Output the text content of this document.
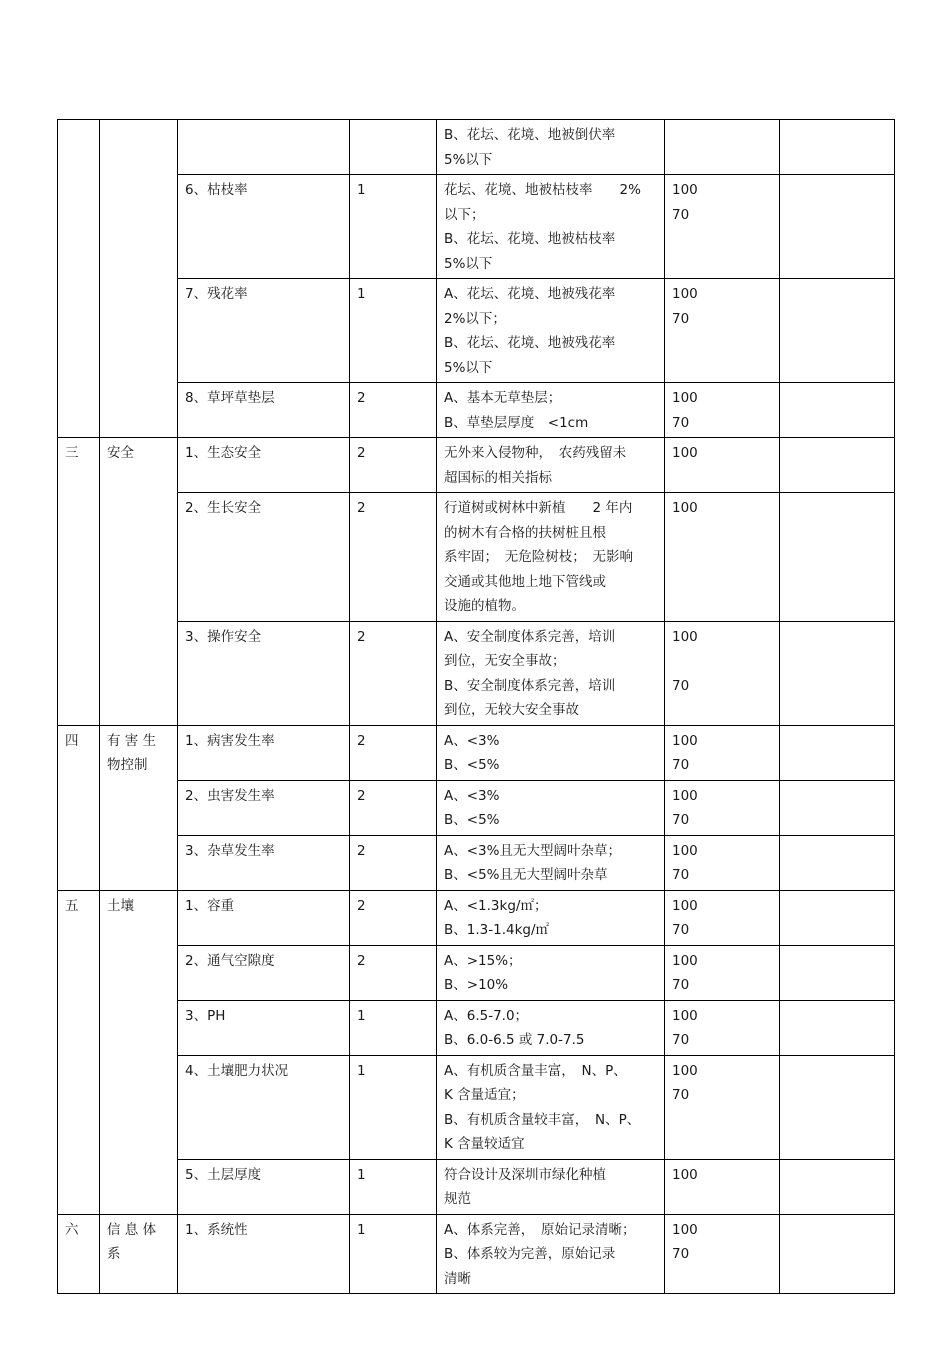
				B、花坛、花境、地被倒伏率
5%以下		

		6、枯枝率	1	花坛、花境、地被枯枝率　　2%
以下；
B、花坛、花境、地被枯枝率
5%以下	100
70	

		7、残花率	1	A、花坛、花境、地被残花率
2%以下；
B、花坛、花境、地被残花率
5%以下	100
70	

		8、草坪草垫层	2	A、基本无草垫层；
B、草垫层厚度　<1cm	100
70	

三	安全	1、生态安全	2	无外来入侵物种，　农药残留未
超国标的相关指标	100	

		2、生长安全	2	行道树或树林中新植　　2 年内
的树木有合格的扶树桩且根
系牢固；　无危险树枝；　无影响
交通或其他地上地下管线或
设施的植物。	100	

		3、操作安全	2	A、安全制度体系完善，培训
到位，无安全事故；
B、安全制度体系完善，培训
到位，无较大安全事故	100
70	

四	有 害 生
物控制	1、病害发生率	2	A、<3%
B、<5%	100
70	

		2、虫害发生率	2	A、<3%
B、<5%	100
70	

		3、杂草发生率	2	A、<3%且无大型阔叶杂草；
B、<5%且无大型阔叶杂草	100
70	

五	土壤	1、容重	2	A、<1.3kg/㎡；
B、1.3-1.4kg/㎡	100
70	

		2、通气空隙度	2	A、>15%；
B、>10%	100
70	

		3、PH	1	A、6.5-7.0；
B、6.0-6.5 或 7.0-7.5	100
70	

		4、土壤肥力状况	1	A、有机质含量丰富，　N、P、
K 含量适宜；
B、有机质含量较丰富，　N、P、
K 含量较适宜	100
70	

		5、土层厚度	1	符合设计及深圳市绿化种植
规范	100	

六	信 息 体
系	1、系统性	1	A、体系完善，　原始记录清晰；
B、体系较为完善，原始记录
清晰	100
70	
